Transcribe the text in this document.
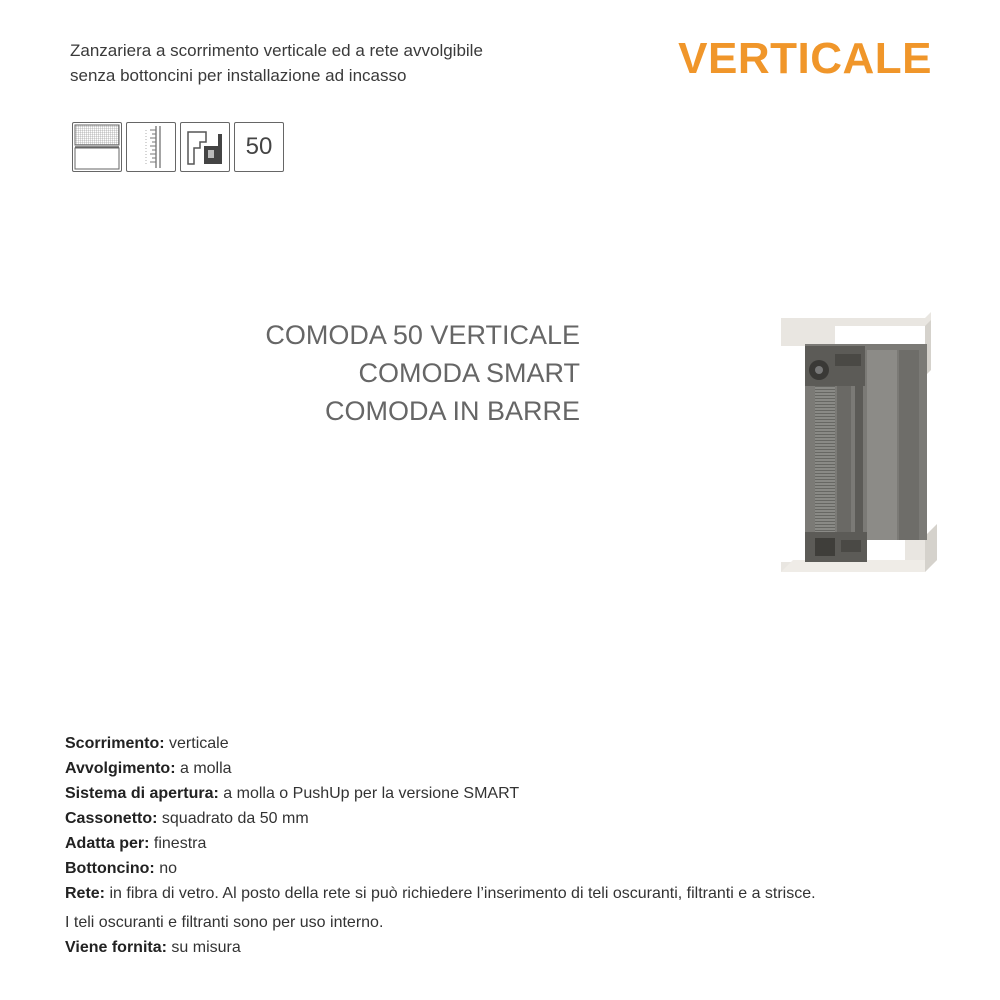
Zanzariera a scorrimento verticale ed a rete avvolgibile senza bottoncini per installazione ad incasso	VERTICALE
50
COMODA 50 VERTICALE
COMODA SMART
COMODA IN BARRE
Scorrimento: verticale
Avvolgimento: a molla
Sistema di apertura: a molla o PushUp per la versione SMART
Cassonetto: squadrato da 50 mm
Adatta per: finestra
Bottoncino: no
Rete: in fibra di vetro. Al posto della rete si può richiedere l’inserimento di teli oscuranti, filtranti e a strisce.
I teli oscuranti e filtranti sono per uso interno.
Viene fornita: su misura
